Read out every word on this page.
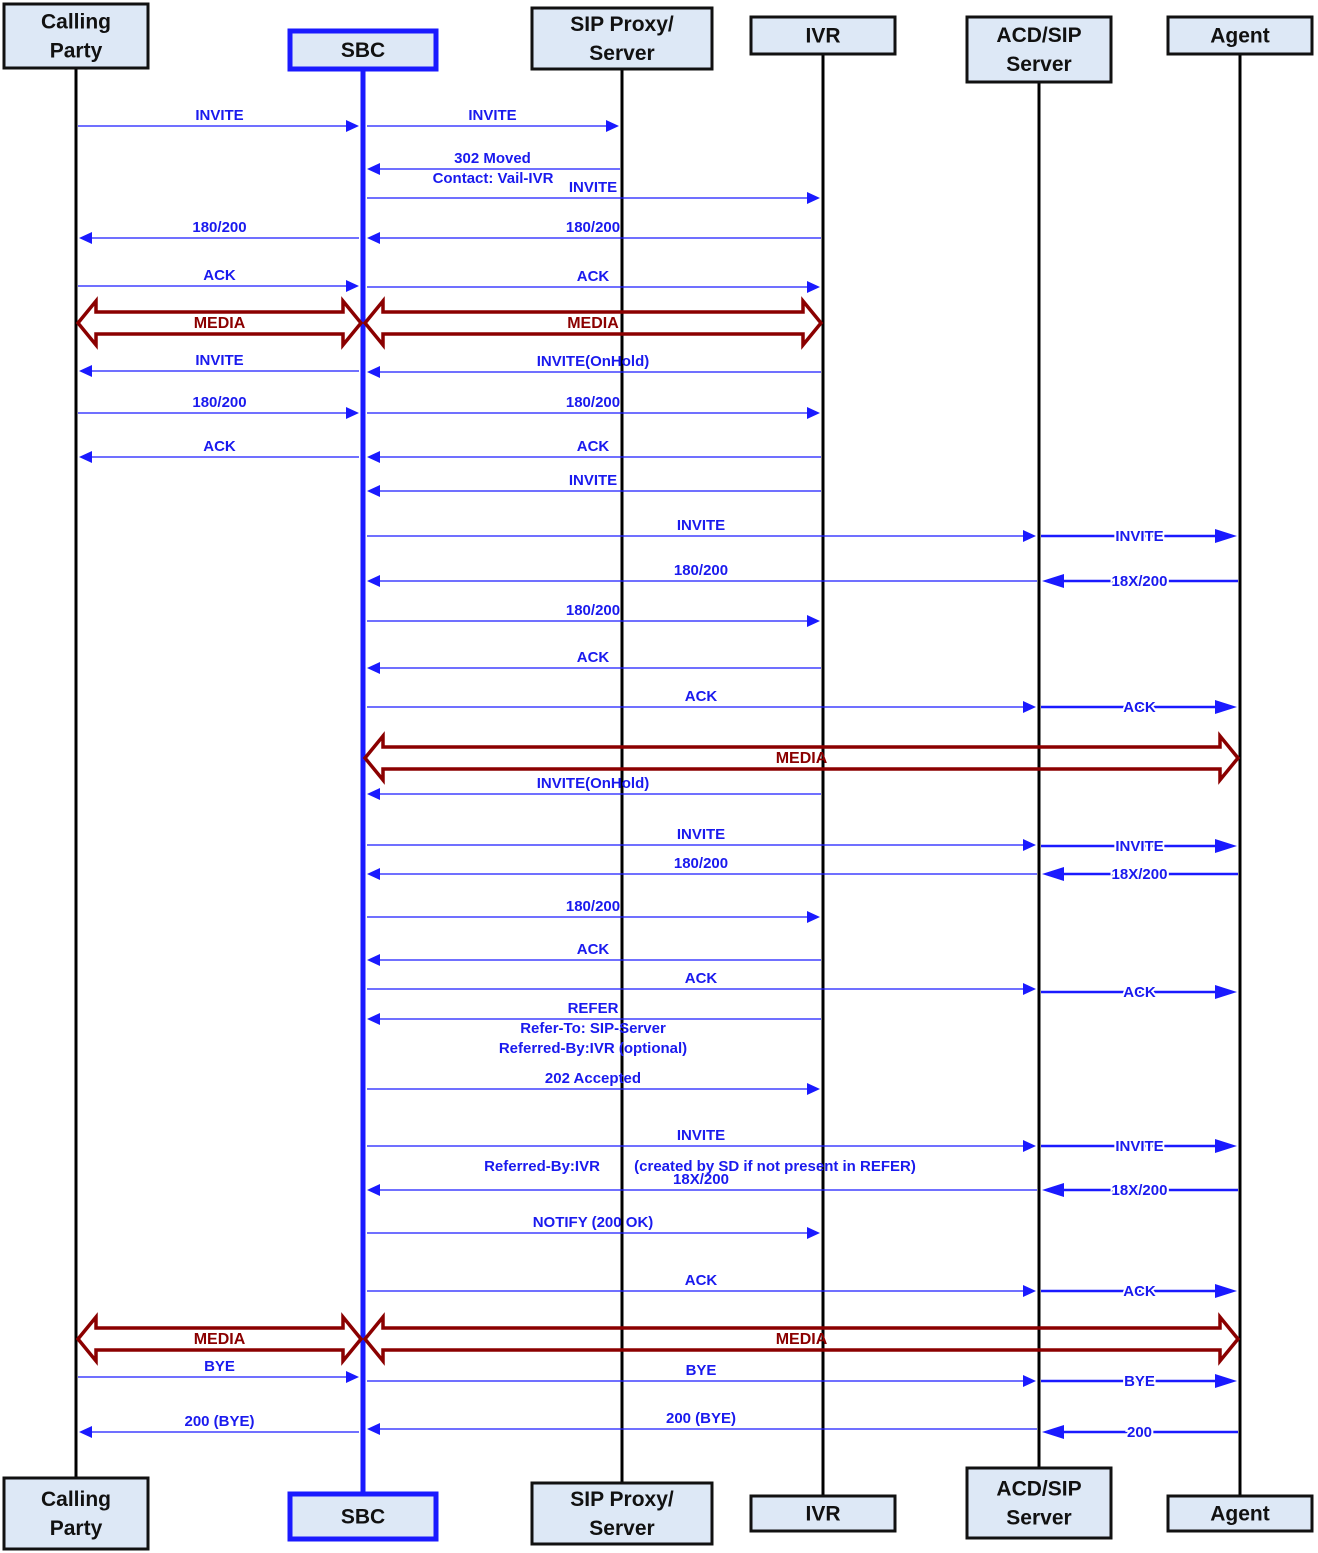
Calling
Party
Calling
Party
SBC
SBC
SIP Proxy/
Server
SIP Proxy/
Server
IVR
IVR
ACD/SIP
Server
ACD/SIP
Server
Agent
Agent
MEDIA	MEDIA
MEDIA
MEDIA	MEDIA
INVITE	INVITE
302 Moved
INVITE
180/200	180/200
ACK	ACK
INVITE	INVITE(OnHold)
180/200	180/200
ACK	ACK
INVITE
INVITE
INVITE
180/200
18X/200
180/200
ACK
ACK
ACK
INVITE(OnHold)
INVITE
INVITE
180/200
18X/200
180/200
ACK
ACK
ACK
REFER
202 Accepted
INVITE
INVITE
18X/200
18X/200
NOTIFY (200 OK)
ACK
ACK
BYE	BYE
BYE
200 (BYE)	200 (BYE)
200
Contact: Vail-IVR
Refer-To: SIP-Server
Referred-By:IVR (optional)
Referred-By:IVR (created by SD if not present in REFER)
